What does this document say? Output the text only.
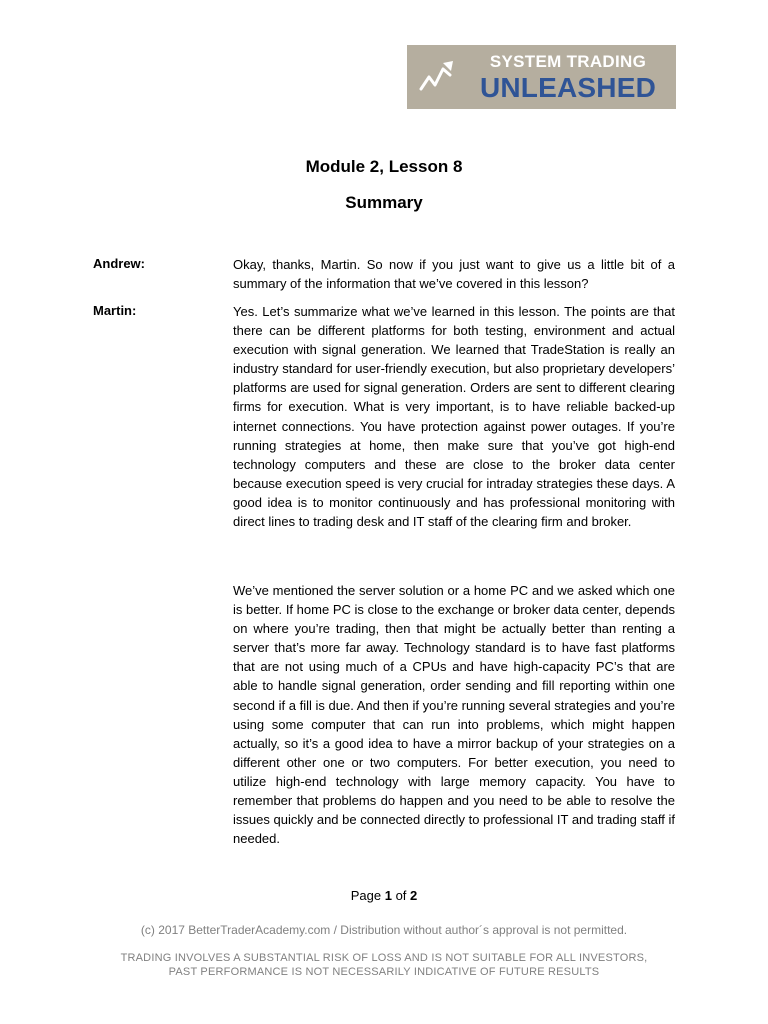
SYSTEM TRADING
UNLEASHED
Module 2, Lesson 8
Summary
Andrew:	Okay, thanks, Martin. So now if you just want to give us a little bit of a summary of the information that we’ve covered in this lesson?
Martin:	Yes. Let’s summarize what we’ve learned in this lesson. The points are that there can be different platforms for both testing, environment and actual execution with signal generation. We learned that TradeStation is really an industry standard for user-friendly execution, but also proprietary developers’ platforms are used for signal generation. Orders are sent to different clearing firms for execution. What is very important, is to have reliable backed-up internet connections. You have protection against power outages. If you’re running strategies at home, then make sure that you’ve got high-end technology computers and these are close to the broker data center because execution speed is very crucial for intraday strategies these days. A good idea is to monitor continuously and has professional monitoring with direct lines to trading desk and IT staff of the clearing firm and broker.
We’ve mentioned the server solution or a home PC and we asked which one is better. If home PC is close to the exchange or broker data center, depends on where you’re trading, then that might be actually better than renting a server that’s more far away. Technology standard is to have fast platforms that are not using much of a CPUs and have high-capacity PC’s that are able to handle signal generation, order sending and fill reporting within one second if a fill is due. And then if you’re running several strategies and you’re using some computer that can run into problems, which might happen actually, so it’s a good idea to have a mirror backup of your strategies on a different other one or two computers. For better execution, you need to utilize high-end technology with large memory capacity. You have to remember that problems do happen and you need to be able to resolve the issues quickly and be connected directly to professional IT and trading staff if needed.
Page 1 of 2
(c) 2017 BetterTraderAcademy.com / Distribution without author´s approval is not permitted.
TRADING INVOLVES A SUBSTANTIAL RISK OF LOSS AND IS NOT SUITABLE FOR ALL INVESTORS,
PAST PERFORMANCE IS NOT NECESSARILY INDICATIVE OF FUTURE RESULTS
